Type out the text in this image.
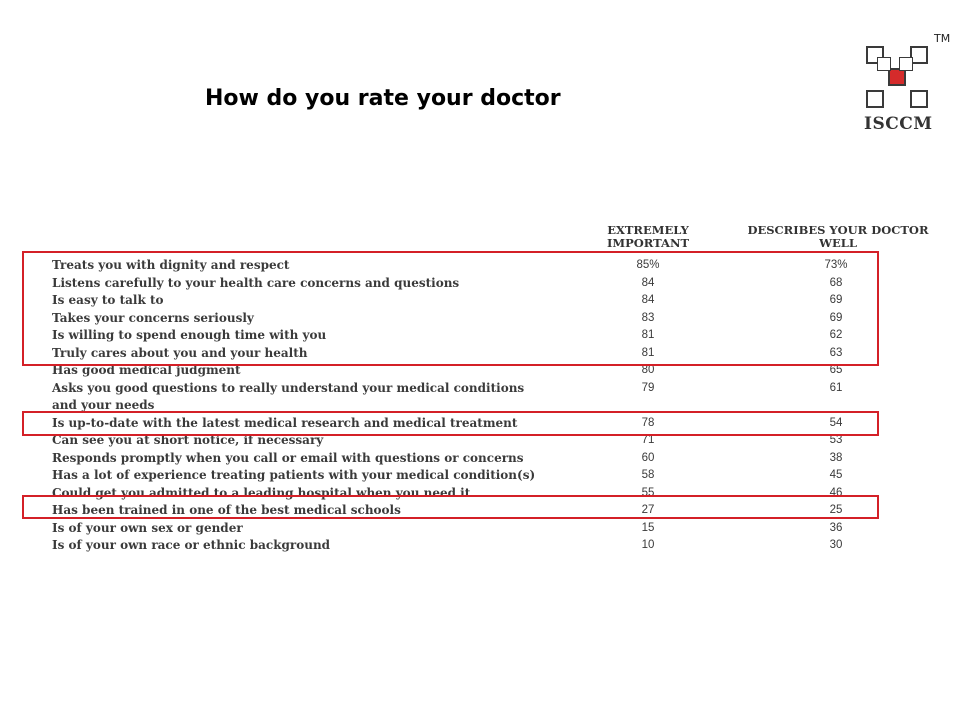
How do you rate your doctor
TM
ISCCM
EXTREMELY IMPORTANT
DESCRIBES YOUR DOCTOR WELL
Treats you with dignity and respect	85%	73%
Listens carefully to your health care concerns and questions	84	68
Is easy to talk to	84	69
Takes your concerns seriously	83	69
Is willing to spend enough time with you	81	62
Truly cares about you and your health	81	63
Has good medical judgment	80	65
Asks you good questions to really understand your medical conditions	79	61
and your needs
Is up-to-date with the latest medical research and medical treatment	78	54
Can see you at short notice, if necessary	71	53
Responds promptly when you call or email with questions or concerns	60	38
Has a lot of experience treating patients with your medical condition(s)	58	45
Could get you admitted to a leading hospital when you need it	55	46
Has been trained in one of the best medical schools	27	25
Is of your own sex or gender	15	36
Is of your own race or ethnic background	10	30
